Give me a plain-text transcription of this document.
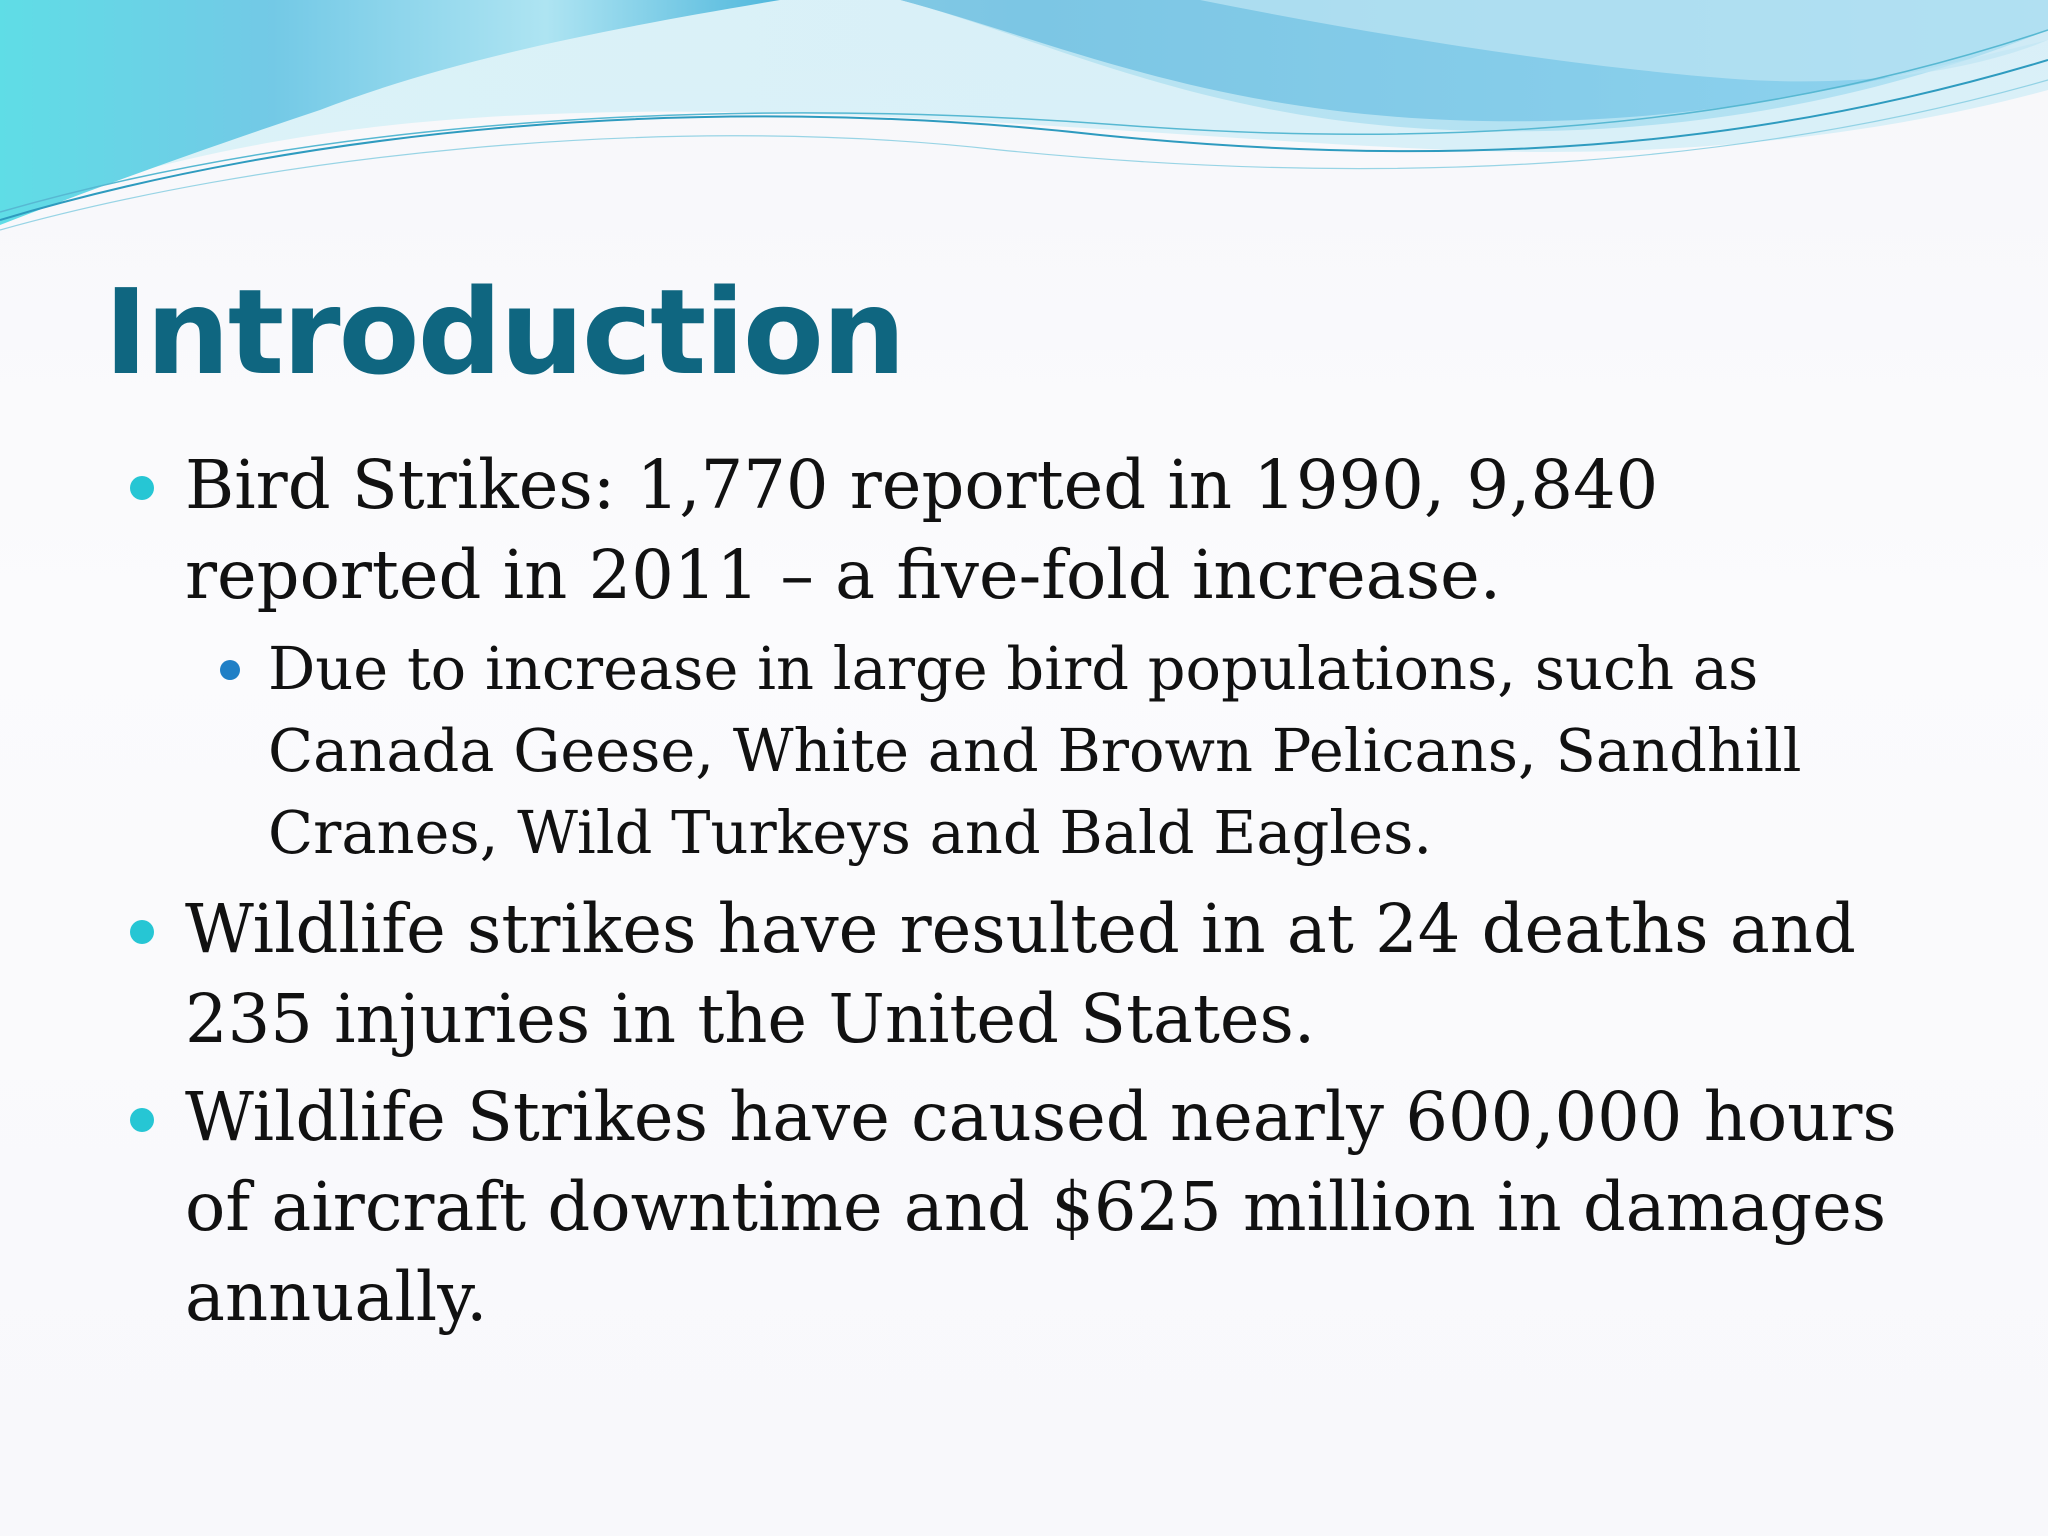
Introduction
Bird Strikes: 1,770 reported in 1990, 9,840 reported in 2011 – a five-fold increase.
Due to increase in large bird populations, such as Canada Geese, White and Brown Pelicans, Sandhill Cranes, Wild Turkeys and Bald Eagles.
Wildlife strikes have resulted in at 24 deaths and 235 injuries in the United States.
Wildlife Strikes have caused nearly 600,000 hours of aircraft downtime and $625 million in damages annually.
